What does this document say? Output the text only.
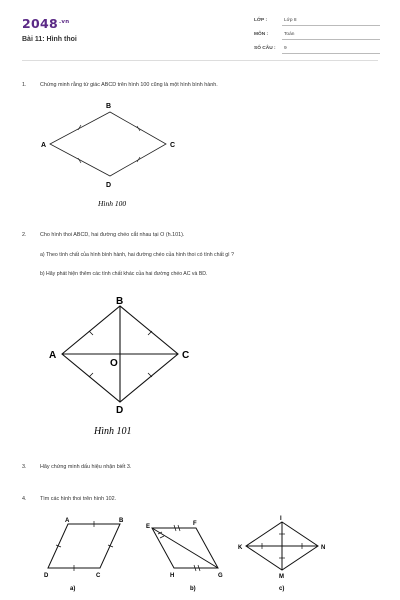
$2048^{.vn}$
Bài 11: Hình thoi
LỚP :	Lớp 8
MÔN :	Toán
SỐ CÂU : 9
1.	Chứng minh rằng tứ giác ABCD trên hình 100 cũng là một hình bình hành.
A
B
C
D
Hình 100
2.	Cho hình thoi ABCD, hai đường chéo cắt nhau tại O (h.101).
a) Theo tính chất của hình bình hành, hai đường chéo của hình thoi có tính chất gì ?
b) Hãy phát hiện thêm các tính chất khác của hai đường chéo AC và BD.
A
B
C
D
O
Hình 101
3.	Hãy chứng minh dấu hiệu nhận biết 3.
4.	Tìm các hình thoi trên hình 102.
A	B
C
D
a)
E	F
G
H
b)
I
K
M
N
c)
